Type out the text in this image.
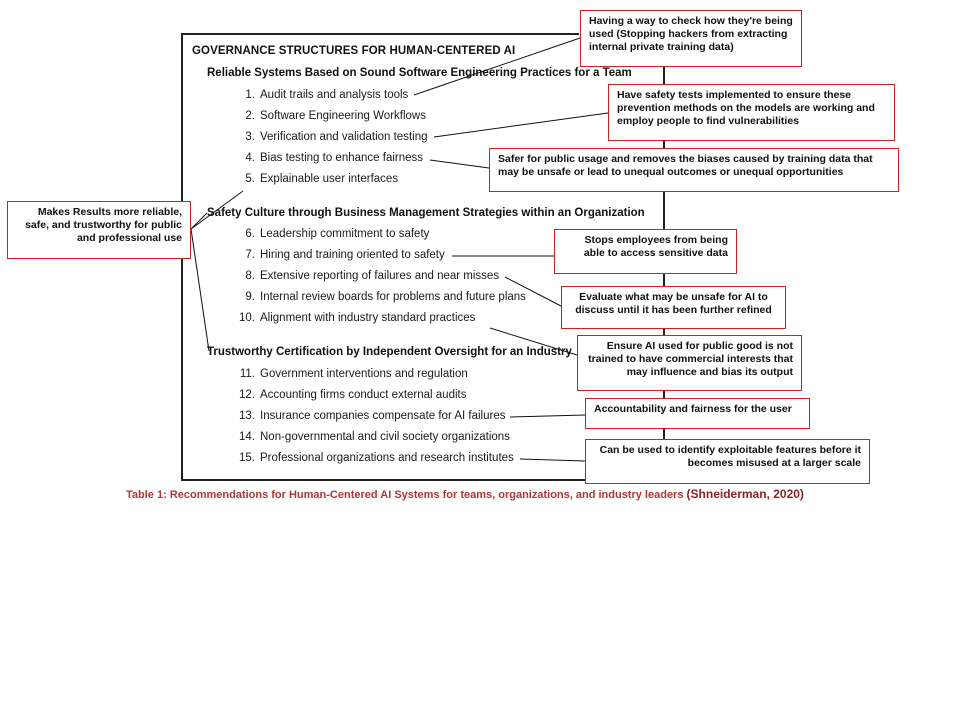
GOVERNANCE STRUCTURES FOR HUMAN-CENTERED AI
Reliable Systems Based on Sound Software Engineering Practices for a Team
1. Audit trails and analysis tools
2. Software Engineering Workflows
3. Verification and validation testing
4. Bias testing to enhance fairness
5. Explainable user interfaces
Safety Culture through Business Management Strategies within an Organization
6. Leadership commitment to safety
7. Hiring and training oriented to safety
8. Extensive reporting of failures and near misses
9. Internal review boards for problems and future plans
10. Alignment with industry standard practices
Trustworthy Certification by Independent Oversight for an Industry
11. Government interventions and regulation
12. Accounting firms conduct external audits
13. Insurance companies compensate for AI failures
14. Non-governmental and civil society organizations
15. Professional organizations and research institutes
Table 1: Recommendations for Human-Centered AI Systems for teams, organizations, and industry leaders (Shneiderman, 2020)
Having a way to check how they're being used (Stopping hackers from extracting internal private training data)
Have safety tests implemented to ensure these prevention methods on the models are working and employ people to find vulnerabilities
Safer for public usage and removes the biases caused by training data that may be unsafe or lead to unequal outcomes or unequal opportunities
Makes Results more reliable, safe, and trustworthy for public and professional use	Stops employees from being able to access sensitive data
Evaluate what may be unsafe for AI to discuss until it has been further refined
Ensure AI used for public good is not trained to have commercial interests that may influence and bias its output
Accountability and fairness for the user
Can be used to identify exploitable features before it becomes misused at a larger scale
